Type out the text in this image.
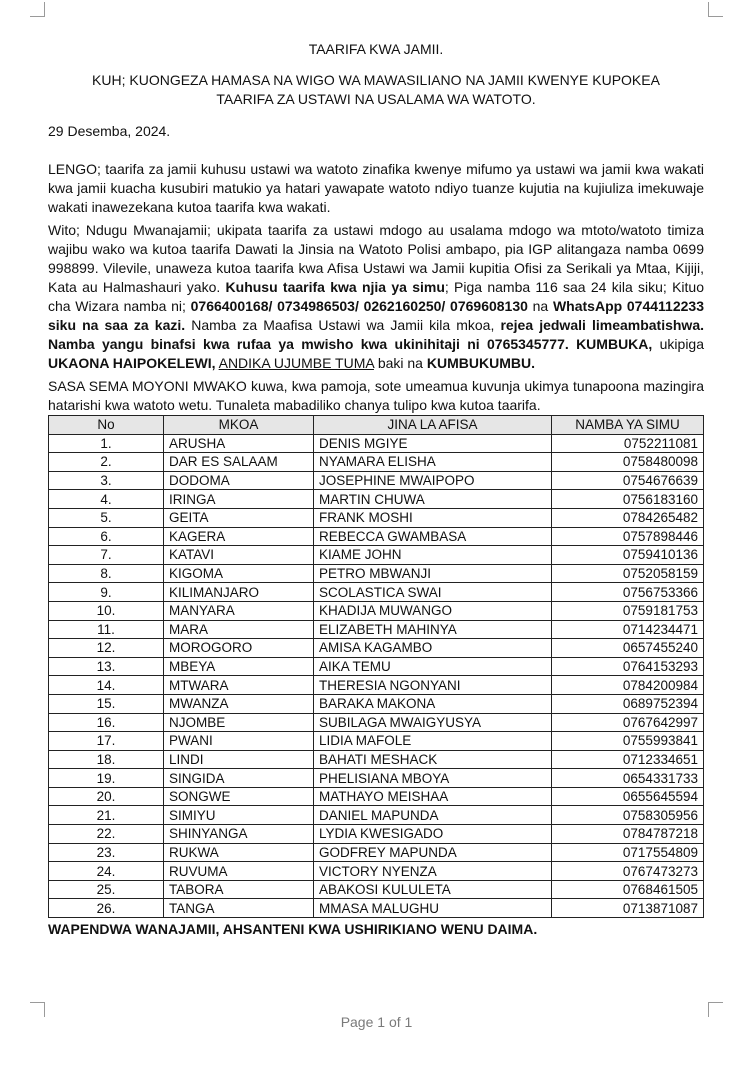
TAARIFA KWA JAMII.
KUH; KUONGEZA HAMASA NA WIGO WA MAWASILIANO NA JAMII KWENYE KUPOKEA
TAARIFA ZA USTAWI NA USALAMA WA WATOTO.
29 Desemba, 2024.

LENGO; taarifa za jamii kuhusu ustawi wa watoto zinafika kwenye mifumo ya ustawi wa jamii kwa wakati kwa jamii kuacha kusubiri matukio ya hatari yawapate watoto ndiyo tuanze kujutia na kujiuliza imekuwaje wakati inawezekana kutoa taarifa kwa wakati.

Wito; Ndugu Mwanajamii; ukipata taarifa za ustawi mdogo au usalama mdogo wa mtoto/watoto timiza wajibu wako wa kutoa taarifa Dawati la Jinsia na Watoto Polisi ambapo, pia IGP alitangaza namba 0699 998899. Vilevile, unaweza kutoa taarifa kwa Afisa Ustawi wa Jamii kupitia Ofisi za Serikali ya Mtaa, Kijiji, Kata au Halmashauri yako. Kuhusu taarifa kwa njia ya simu; Piga namba 116 saa 24 kila siku; Kituo cha Wizara namba ni; 0766400168/ 0734986503/ 0262160250/ 0769608130 na WhatsApp 0744112233 siku na saa za kazi. Namba za Maafisa Ustawi wa Jamii kila mkoa, rejea jedwali limeambatishwa. Namba yangu binafsi kwa rufaa ya mwisho kwa ukinihitaji ni 0765345777. KUMBUKA, ukipiga UKAONA HAIPOKELEWI, ANDIKA UJUMBE TUMA baki na KUMBUKUMBU.

SASA SEMA MOYONI MWAKO kuwa, kwa pamoja, sote umeamua kuvunja ukimya tunapoona mazingira hatarishi kwa watoto wetu. Tunaleta mabadiliko chanya tulipo kwa kutoa taarifa.

No	MKOA	JINA LA AFISA	NAMBA YA SIMU
1.	ARUSHA	DENIS MGIYE	0752211081
2.	DAR ES SALAAM	NYAMARA ELISHA	0758480098
3.	DODOMA	JOSEPHINE MWAIPOPO	0754676639
4.	IRINGA	MARTIN CHUWA	0756183160
5.	GEITA	FRANK MOSHI	0784265482
6.	KAGERA	REBECCA GWAMBASA	0757898446
7.	KATAVI	KIAME JOHN	0759410136
8.	KIGOMA	PETRO MBWANJI	0752058159
9.	KILIMANJARO	SCOLASTICA SWAI	0756753366
10.	MANYARA	KHADIJA MUWANGO	0759181753
11.	MARA	ELIZABETH MAHINYA	0714234471
12.	MOROGORO	AMISA KAGAMBO	0657455240
13.	MBEYA	AIKA TEMU	0764153293
14.	MTWARA	THERESIA NGONYANI	0784200984
15.	MWANZA	BARAKA MAKONA	0689752394
16.	NJOMBE	SUBILAGA MWAIGYUSYA	0767642997
17.	PWANI	LIDIA MAFOLE	0755993841
18.	LINDI	BAHATI MESHACK	0712334651
19.	SINGIDA	PHELISIANA MBOYA	0654331733
20.	SONGWE	MATHAYO MEISHAA	0655645594
21.	SIMIYU	DANIEL MAPUNDA	0758305956
22.	SHINYANGA	LYDIA KWESIGADO	0784787218
23.	RUKWA	GODFREY MAPUNDA	0717554809
24.	RUVUMA	VICTORY NYENZA	0767473273
25.	TABORA	ABAKOSI KULULETA	0768461505
26.	TANGA	MMASA MALUGHU	0713871087
WAPENDWA WANAJAMII, AHSANTENI KWA USHIRIKIANO WENU DAIMA.
Page 1 of 1
